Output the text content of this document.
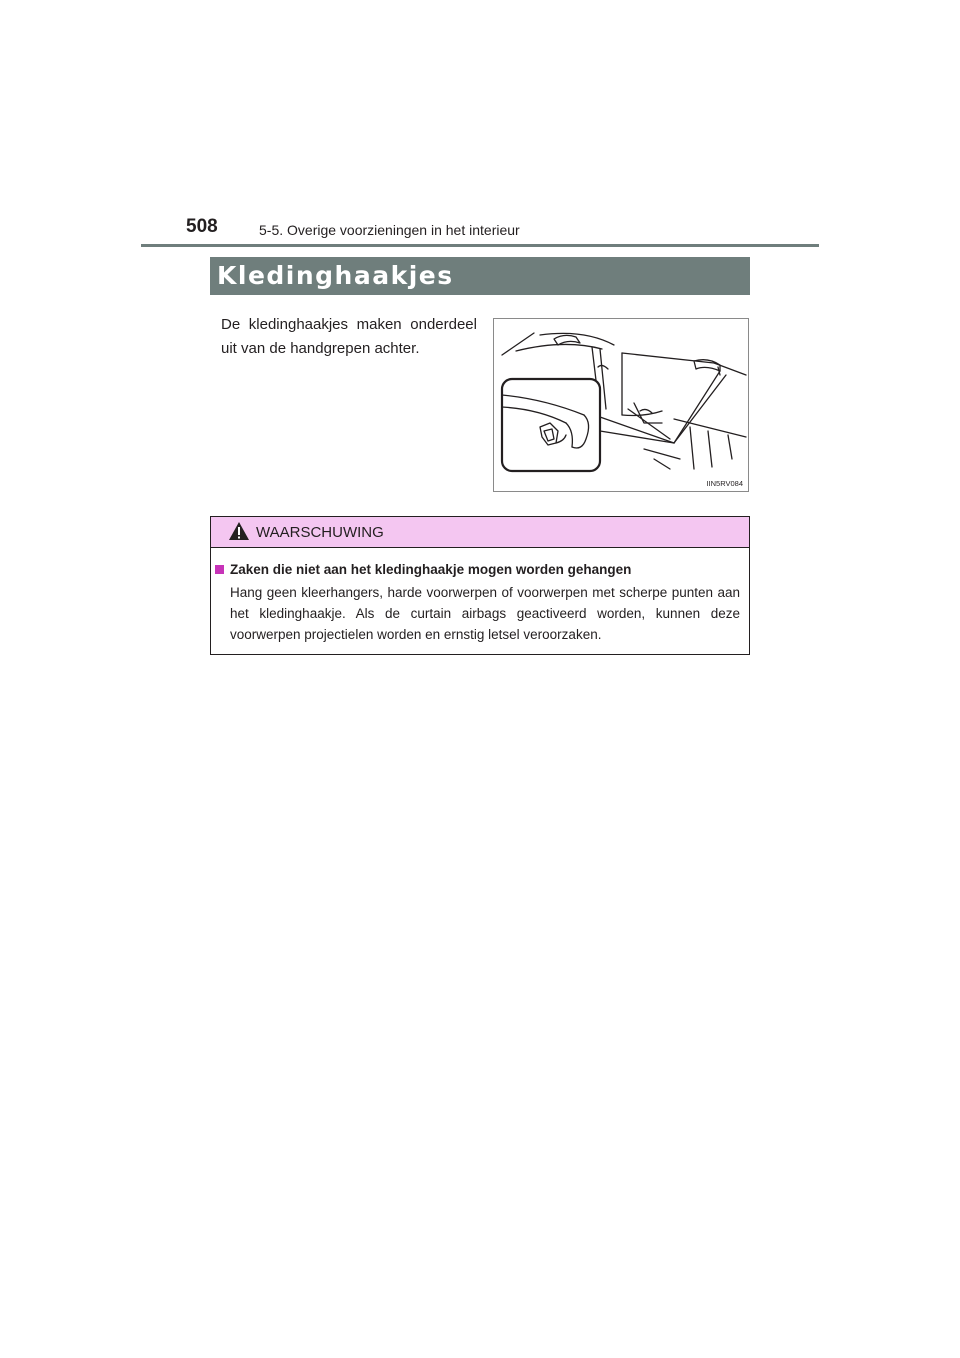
508	5-5. Overige voorzieningen in het interieur
Kledinghaakjes
De kledinghaakjes maken onderdeel uit van de handgrepen achter.
IIN5RV084
WAARSCHUWING
Zaken die niet aan het kledinghaakje mogen worden gehangen
Hang geen kleerhangers, harde voorwerpen of voorwerpen met scherpe punten aan het kledinghaakje. Als de curtain airbags geactiveerd worden, kunnen deze voorwerpen projectielen worden en ernstig letsel veroorzaken.
